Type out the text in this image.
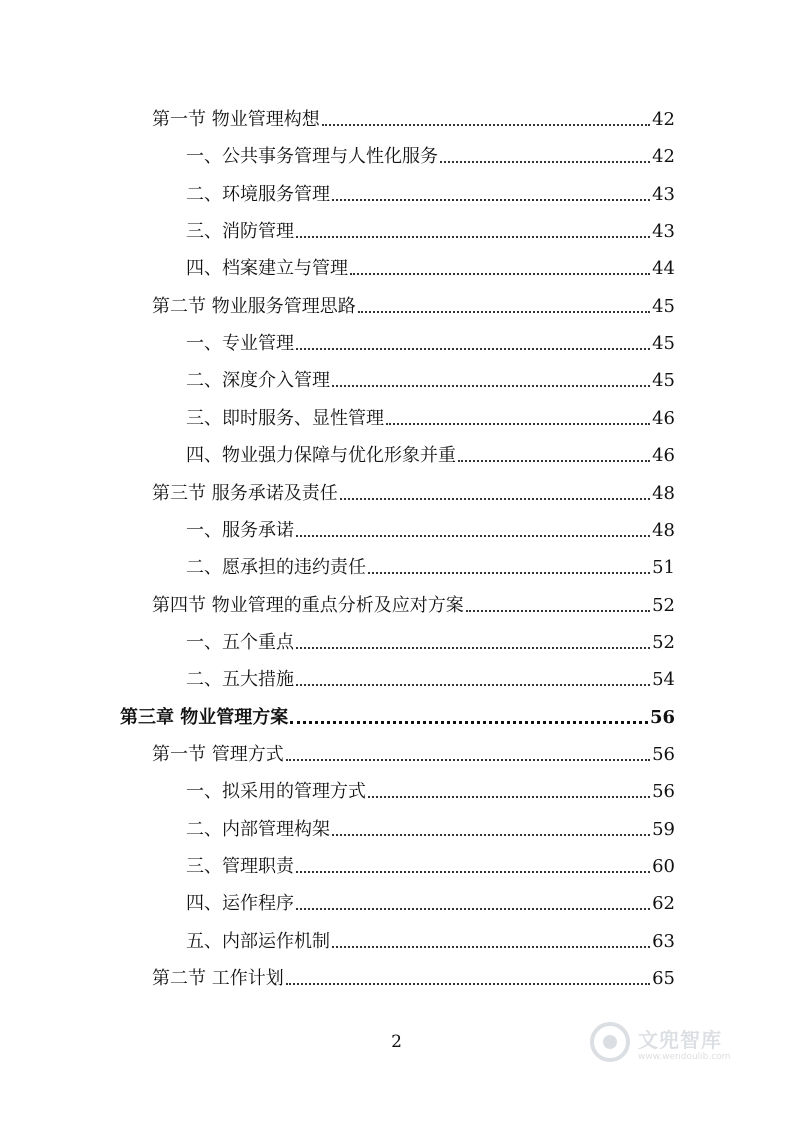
第一节 物业管理构想	42
一、公共事务管理与人性化服务	42
二、环境服务管理	43
三、消防管理	43
四、档案建立与管理	44
第二节 物业服务管理思路	45
一、专业管理	45
二、深度介入管理	45
三、即时服务、显性管理	46
四、物业强力保障与优化形象并重	46
第三节 服务承诺及责任	48
一、服务承诺	48
二、愿承担的违约责任	51
第四节 物业管理的重点分析及应对方案	52
一、五个重点	52
二、五大措施	54
第三章 物业管理方案	56
第一节 管理方式	56
一、拟采用的管理方式	56
二、内部管理构架	59
三、管理职责	60
四、运作程序	62
五、内部运作机制	63
第二节 工作计划	65
2	文兜智库
www.wendoulib.com
